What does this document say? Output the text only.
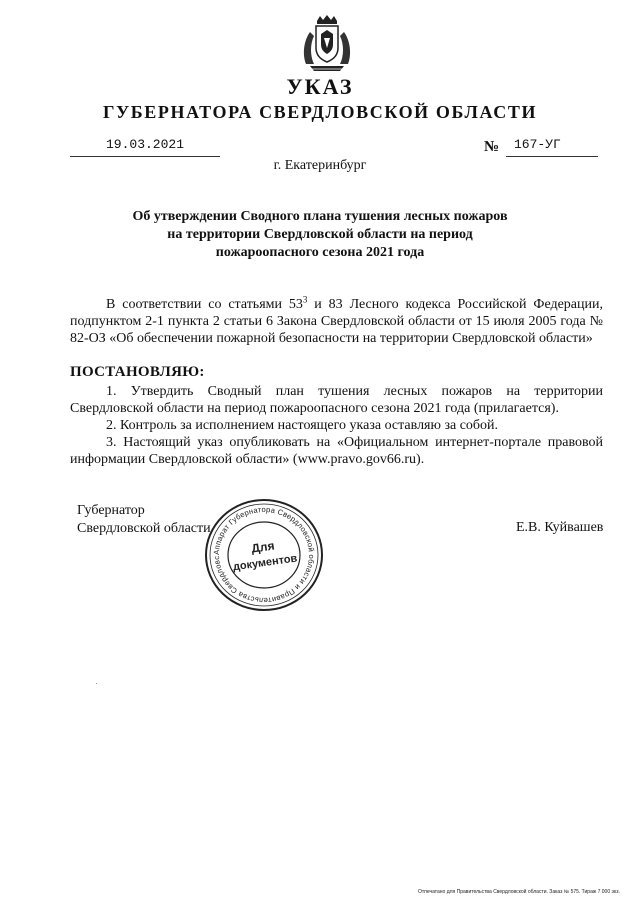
УКАЗ
ГУБЕРНАТОРА СВЕРДЛОВСКОЙ ОБЛАСТИ
19.03.2021	№	167-УГ
г. Екатеринбург
Об утверждении Сводного плана тушения лесных пожаров
на территории Свердловской области на период
пожароопасного сезона 2021 года
В соответствии со статьями $53^3$ и 83 Лесного кодекса Российской Федерации, подпунктом 2-1 пункта 2 статьи 6 Закона Свердловской области от 15 июля 2005 года № 82-ОЗ «Об обеспечении пожарной безопасности на территории Свердловской области»
ПОСТАНОВЛЯЮ:
1. Утвердить Сводный план тушения лесных пожаров на территории Свердловской области на период пожароопасного сезона 2021 года (прилагается).
2. Контроль за исполнением настоящего указа оставляю за собой.
3. Настоящий указ опубликовать на «Официальном интернет-портале правовой информации Свердловской области» (www.pravo.gov66.ru).
Губернатор
Свердловской области	Е.В. Куйвашев
Аппарат Губернатора Свердловской области и Правительства Свердловс
Для
документов
Отпечатано для Правительства Свердловской области. Заказ № 575. Тираж 7 000 экз.
